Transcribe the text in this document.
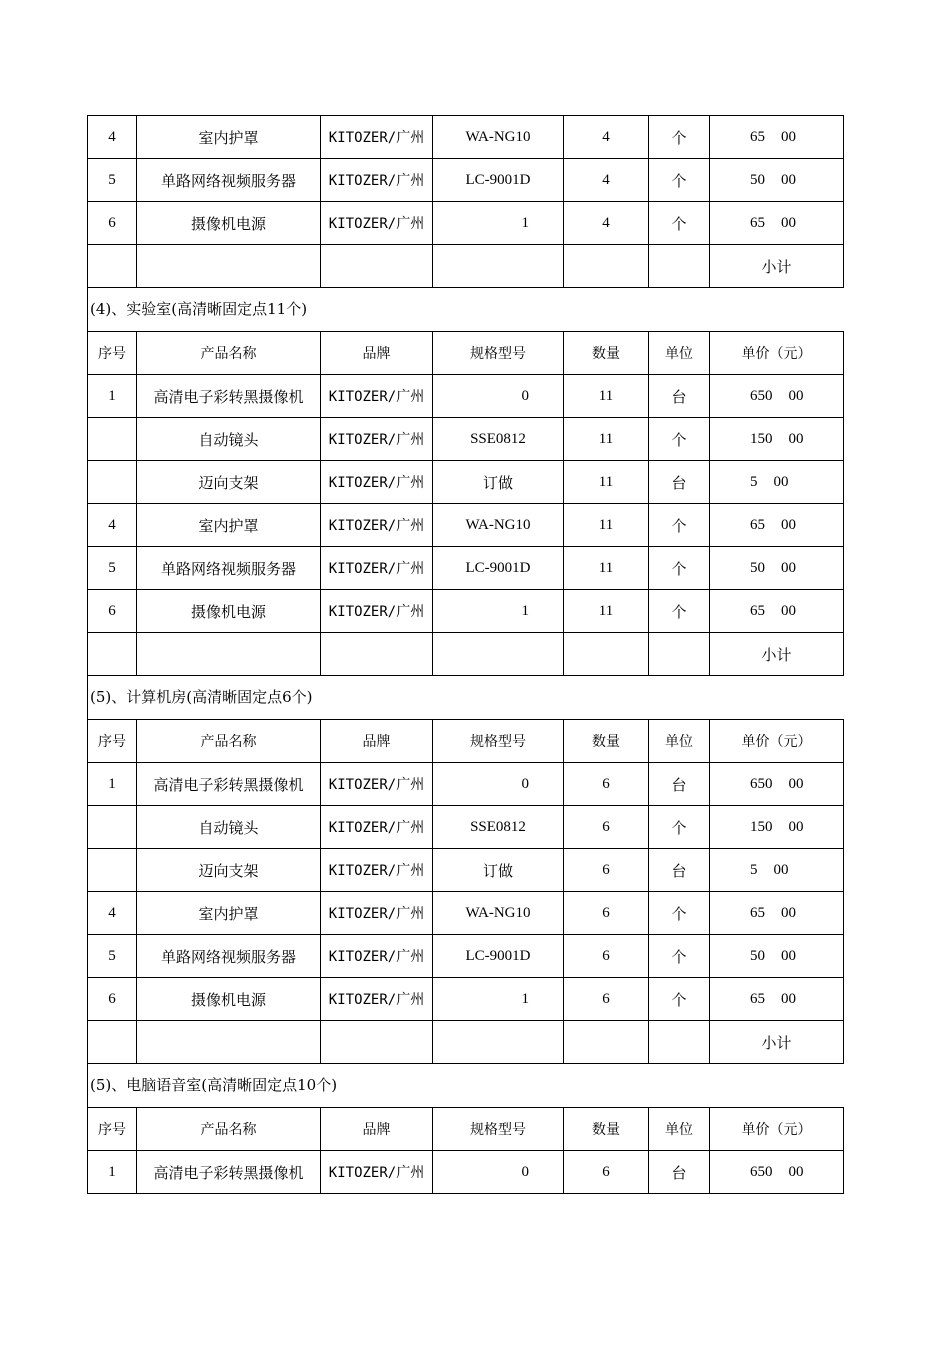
4	室内护罩	KITOZER/广州	WA-NG10	4	个	65 00
5	单路网络视频服务器	KITOZER/广州	LC-9001D	4	个	50 00
6	摄像机电源	KITOZER/广州	1	4	个	65 00
						小计
(4)、实验室(高清晰固定点11个)
序号	产品名称	品牌	规格型号	数量	单位	单价（元）
1	高清电子彩转黑摄像机	KITOZER/广州	0	11	台	650 00
	自动镜头	KITOZER/广州	SSE0812	11	个	150 00
	迈向支架	KITOZER/广州	订做	11	台	5 00
4	室内护罩	KITOZER/广州	WA-NG10	11	个	65 00
5	单路网络视频服务器	KITOZER/广州	LC-9001D	11	个	50 00
6	摄像机电源	KITOZER/广州	1	11	个	65 00
						小计
(5)、计算机房(高清晰固定点6个)
序号	产品名称	品牌	规格型号	数量	单位	单价（元）
1	高清电子彩转黑摄像机	KITOZER/广州	0	6	台	650 00
	自动镜头	KITOZER/广州	SSE0812	6	个	150 00
	迈向支架	KITOZER/广州	订做	6	台	5 00
4	室内护罩	KITOZER/广州	WA-NG10	6	个	65 00
5	单路网络视频服务器	KITOZER/广州	LC-9001D	6	个	50 00
6	摄像机电源	KITOZER/广州	1	6	个	65 00
						小计
(5)、电脑语音室(高清晰固定点10个)
序号	产品名称	品牌	规格型号	数量	单位	单价（元）
1	高清电子彩转黑摄像机	KITOZER/广州	0	6	台	650 00
